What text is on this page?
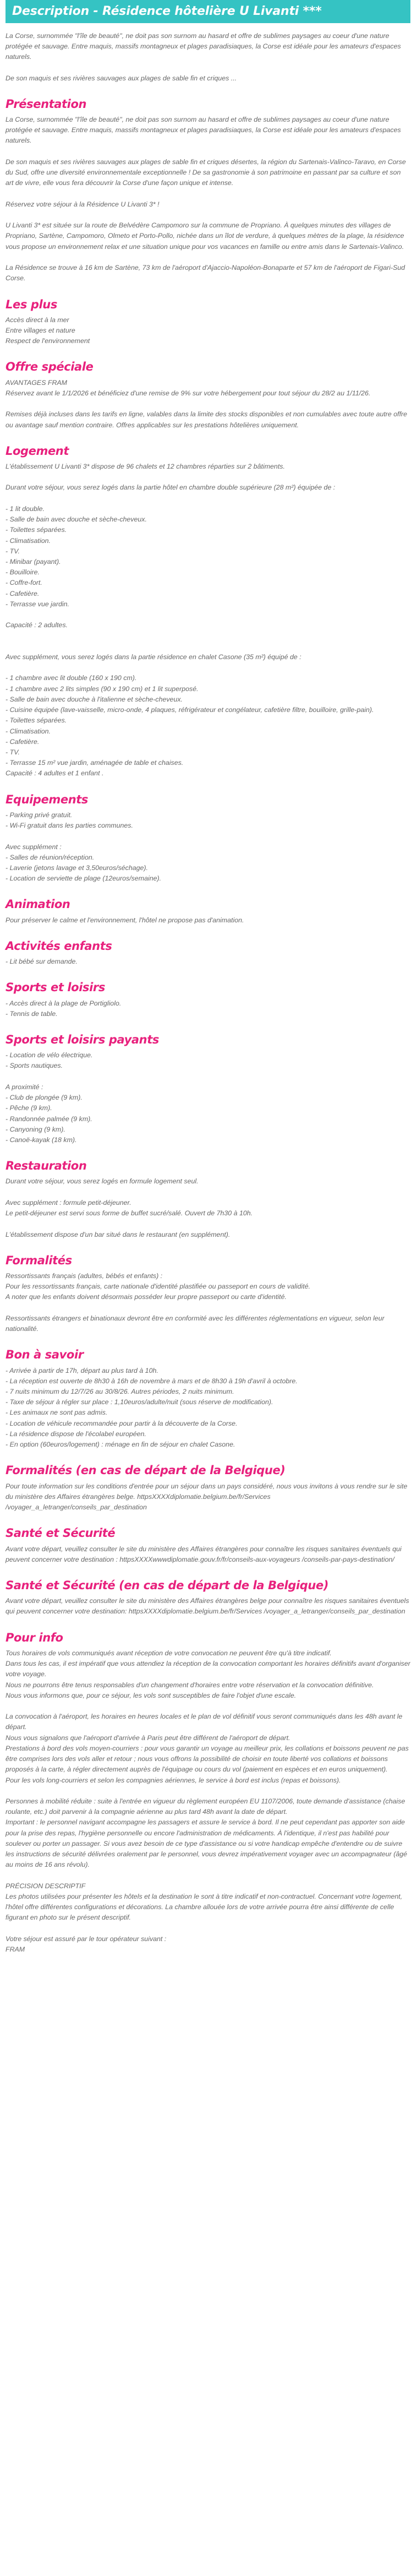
Description - Résidence hôtelière U Livanti ***

La Corse, surnommée "l'île de beauté", ne doit pas son surnom au hasard et offre de sublimes paysages au coeur d'une nature protégée et sauvage. Entre maquis, massifs montagneux et plages paradisiaques, la Corse est idéale pour les amateurs d'espaces naturels.

De son maquis et ses rivières sauvages aux plages de sable fin et criques ...

Présentation

La Corse, surnommée "l'île de beauté", ne doit pas son surnom au hasard et offre de sublimes paysages au coeur d'une nature protégée et sauvage. Entre maquis, massifs montagneux et plages paradisiaques, la Corse est idéale pour les amateurs d'espaces naturels.

De son maquis et ses rivières sauvages aux plages de sable fin et criques désertes, la région du Sartenais-Valinco-Taravo, en Corse du Sud, offre une diversité environnementale exceptionnelle ! De sa gastronomie à son patrimoine en passant par sa culture et son art de vivre, elle vous fera découvrir la Corse d'une façon unique et intense.

Réservez votre séjour à la Résidence U Livanti 3* !

U Livanti 3* est située sur la route de Belvédère Campomoro sur la commune de Propriano. À quelques minutes des villages de Propriano, Sartène, Campomoro, Olmeto et Porto-Pollo, nichée dans un îlot de verdure, à quelques mètres de la plage, la résidence vous propose un environnement relax et une situation unique pour vos vacances en famille ou entre amis dans le Sartenais-Valinco.

La Résidence se trouve à 16 km de Sartène, 73 km de l'aéroport d'Ajaccio-Napoléon-Bonaparte et 57 km de l'aéroport de Figari-Sud Corse.

Les plus

Accès direct à la mer
Entre villages et nature
Respect de l'environnement

Offre spéciale

AVANTAGES FRAM
Réservez avant le 1/1/2026 et bénéficiez d'une remise de 9% sur votre hébergement pour tout séjour du 28/2 au 1/11/26.

Remises déjà incluses dans les tarifs en ligne, valables dans la limite des stocks disponibles et non cumulables avec toute autre offre ou avantage sauf mention contraire. Offres applicables sur les prestations hôtelières uniquement.

Logement

L'établissement U Livanti 3* dispose de 96 chalets et 12 chambres réparties sur 2 bâtiments.

Durant votre séjour, vous serez logés dans la partie hôtel en chambre double supérieure (28 m²) équipée de :

- 1 lit double.
- Salle de bain avec douche et sèche-cheveux.
- Toilettes séparées.
- Climatisation.
- TV.
- Minibar (payant).
- Bouilloire.
- Coffre-fort.
- Cafetière.
- Terrasse vue jardin.

Capacité : 2 adultes.

Avec supplément, vous serez logés dans la partie résidence en chalet Casone (35 m²) équipé de :

- 1 chambre avec lit double (160 x 190 cm).
- 1 chambre avec 2 lits simples (90 x 190 cm) et 1 lit superposé.
- Salle de bain avec douche à l'italienne et sèche-cheveux.
- Cuisine équipée (lave-vaisselle, micro-onde, 4 plaques, réfrigérateur et congélateur, cafetière filtre, bouilloire, grille-pain).
- Toilettes séparées.
- Climatisation.
- Cafetière.
- TV.
- Terrasse 15 m² vue jardin, aménagée de table et chaises.
Capacité : 4 adultes et 1 enfant .

Equipements

- Parking privé gratuit.
- Wi-Fi gratuit dans les parties communes.

Avec supplément :
- Salles de réunion/réception.
- Laverie (jetons lavage et 3,50euros/séchage).
- Location de serviette de plage (12euros/semaine).

Animation

Pour préserver le calme et l'environnement, l'hôtel ne propose pas d'animation.

Activités enfants

- Lit bébé sur demande.

Sports et loisirs

- Accès direct à la plage de Portigliolo.
- Tennis de table.

Sports et loisirs payants

- Location de vélo électrique.
- Sports nautiques.

A proximité :
- Club de plongée (9 km).
- Pêche (9 km).
- Randonnée palmée (9 km).
- Canyoning (9 km).
- Canoë-kayak (18 km).

Restauration

Durant votre séjour, vous serez logés en formule logement seul.

Avec supplément : formule petit-déjeuner.
Le petit-déjeuner est servi sous forme de buffet sucré/salé. Ouvert de 7h30 à 10h.

L'établissement dispose d'un bar situé dans le restaurant (en supplément).

Formalités

Ressortissants français (adultes, bébés et enfants) :
Pour les ressortissants français, carte nationale d'identité plastifiée ou passeport en cours de validité.
A noter que les enfants doivent désormais posséder leur propre passeport ou carte d'identité.

Ressortissants étrangers et binationaux devront être en conformité avec les différentes réglementations en vigueur, selon leur nationalité.

Bon à savoir

- Arrivée à partir de 17h, départ au plus tard à 10h.
- La réception est ouverte de 8h30 à 16h de novembre à mars et de 8h30 à 19h d'avril à octobre.
- 7 nuits minimum du 12/7/26 au 30/8/26. Autres périodes, 2 nuits minimum.
- Taxe de séjour à régler sur place : 1,10euros/adulte/nuit (sous réserve de modification).
- Les animaux ne sont pas admis.
- Location de véhicule recommandée pour partir à la découverte de la Corse.
- La résidence dispose de l'écolabel européen.
- En option (60euros/logement) : ménage en fin de séjour en chalet Casone.

Formalités (en cas de départ de la Belgique)

Pour toute information sur les conditions d'entrée pour un séjour dans un pays considéré, nous vous invitons à vous rendre sur le site du ministère des Affaires étrangères belge. httpsXXXXdiplomatie.belgium.be/fr/Services /voyager_a_letranger/conseils_par_destination

Santé et Sécurité

Avant votre départ, veuillez consulter le site du ministère des Affaires étrangères pour connaître les risques sanitaires éventuels qui peuvent concerner votre destination : httpsXXXXwwwdiplomatie.gouv.fr/fr/conseils-aux-voyageurs /conseils-par-pays-destination/

Santé et Sécurité (en cas de départ de la Belgique)

Avant votre départ, veuillez consulter le site du ministère des Affaires étrangères belge pour connaître les risques sanitaires éventuels qui peuvent concerner votre destination: httpsXXXXdiplomatie.belgium.be/fr/Services /voyager_a_letranger/conseils_par_destination

Pour info

Tous horaires de vols communiqués avant réception de votre convocation ne peuvent être qu'à titre indicatif.
Dans tous les cas, il est impératif que vous attendiez la réception de la convocation comportant les horaires définitifs avant d'organiser votre voyage.
Nous ne pourrons être tenus responsables d'un changement d'horaires entre votre réservation et la convocation définitive.
Nous vous informons que, pour ce séjour, les vols sont susceptibles de faire l'objet d'une escale.

La convocation à l'aéroport, les horaires en heures locales et le plan de vol définitif vous seront communiqués dans les 48h avant le départ.
Nous vous signalons que l'aéroport d'arrivée à Paris peut être différent de l'aéroport de départ.
Prestations à bord des vols moyen-courriers : pour vous garantir un voyage au meilleur prix, les collations et boissons peuvent ne pas être comprises lors des vols aller et retour ; nous vous offrons la possibilité de choisir en toute liberté vos collations et boissons proposés à la carte, à régler directement auprès de l'équipage ou cours du vol (paiement en espèces et en euros uniquement).
Pour les vols long-courriers et selon les compagnies aériennes, le service à bord est inclus (repas et boissons).

Personnes à mobilité réduite : suite à l'entrée en vigueur du règlement européen EU 1107/2006, toute demande d'assistance (chaise roulante, etc.) doit parvenir à la compagnie aérienne au plus tard 48h avant la date de départ.
Important : le personnel navigant accompagne les passagers et assure le service à bord. Il ne peut cependant pas apporter son aide pour la prise des repas, l'hygiène personnelle ou encore l'administration de médicaments. À l'identique, il n'est pas habilité pour soulever ou porter un passager. Si vous avez besoin de ce type d'assistance ou si votre handicap empêche d'entendre ou de suivre les instructions de sécurité délivrées oralement par le personnel, vous devrez impérativement voyager avec un accompagnateur (âgé au moins de 16 ans révolu).

PRÉCISION DESCRIPTIF
Les photos utilisées pour présenter les hôtels et la destination le sont à titre indicatif et non-contractuel. Concernant votre logement, l'hôtel offre différentes configurations et décorations. La chambre allouée lors de votre arrivée pourra être ainsi différente de celle figurant en photo sur le présent descriptif.

Votre séjour est assuré par le tour opérateur suivant :
FRAM
